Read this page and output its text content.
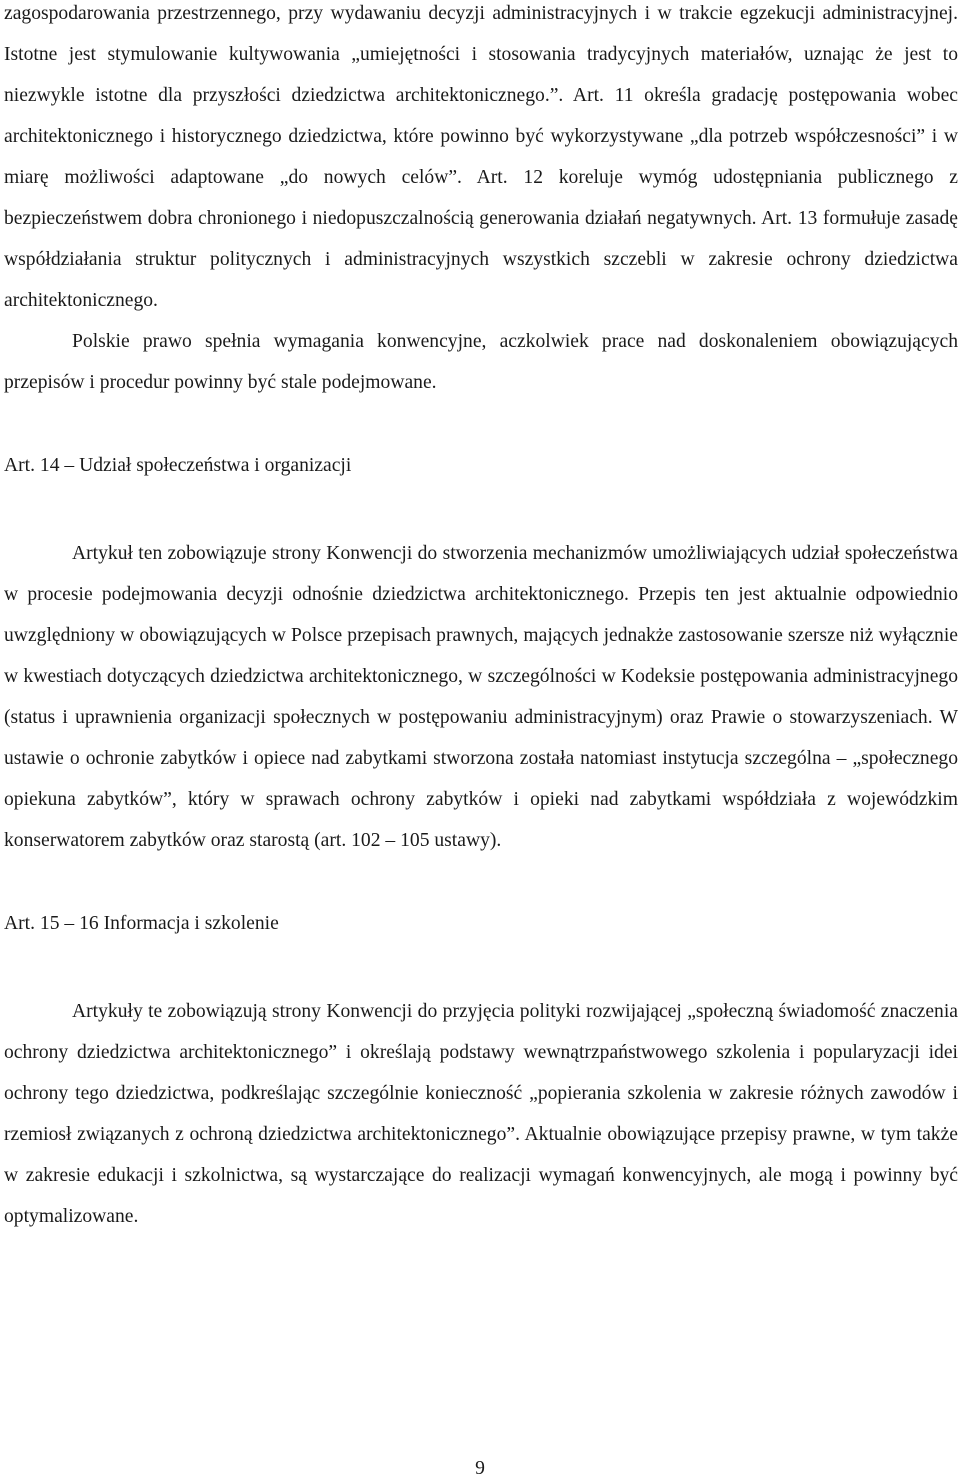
zagospodarowania przestrzennego, przy wydawaniu decyzji administracyjnych i w trakcie egzekucji administracyjnej. Istotne jest stymulowanie kultywowania „umiejętności i stosowania tradycyjnych materiałów, uznając że jest to niezwykle istotne dla przyszłości dziedzictwa architektonicznego.”. Art. 11 określa gradację postępowania wobec architektonicznego i historycznego dziedzictwa, które powinno być wykorzystywane „dla potrzeb współczesności” i w miarę możliwości adaptowane „do nowych celów”. Art. 12 koreluje wymóg udostępniania publicznego z bezpieczeństwem dobra chronionego i niedopuszczalnością generowania działań negatywnych. Art. 13 formułuje zasadę współdziałania struktur politycznych i administracyjnych wszystkich szczebli w zakresie ochrony dziedzictwa architektonicznego.

Polskie prawo spełnia wymagania konwencyjne, aczkolwiek prace nad doskonaleniem obowiązujących przepisów i procedur powinny być stale podejmowane.

Art. 14 – Udział społeczeństwa i organizacji

Artykuł ten zobowiązuje strony Konwencji do stworzenia mechanizmów umożliwiających udział społeczeństwa w procesie podejmowania decyzji odnośnie dziedzictwa architektonicznego. Przepis ten jest aktualnie odpowiednio uwzględniony w obowiązujących w Polsce przepisach prawnych, mających jednakże zastosowanie szersze niż wyłącznie w kwestiach dotyczących dziedzictwa architektonicznego, w szczególności w Kodeksie postępowania administracyjnego (status i uprawnienia organizacji społecznych w postępowaniu administracyjnym) oraz Prawie o stowarzyszeniach. W ustawie o ochronie zabytków i opiece nad zabytkami stworzona została natomiast instytucja szczególna – „społecznego opiekuna zabytków”, który w sprawach ochrony zabytków i opieki nad zabytkami współdziała z wojewódzkim konserwatorem zabytków oraz starostą (art. 102 – 105 ustawy).

Art. 15 – 16 Informacja i szkolenie

Artykuły te zobowiązują strony Konwencji do przyjęcia polityki rozwijającej „społeczną świadomość znaczenia ochrony dziedzictwa architektonicznego” i określają podstawy wewnątrzpaństwowego szkolenia i popularyzacji idei ochrony tego dziedzictwa, podkreślając szczególnie konieczność „popierania szkolenia w zakresie różnych zawodów i rzemiosł związanych z ochroną dziedzictwa architektonicznego”. Aktualnie obowiązujące przepisy prawne, w tym także w zakresie edukacji i szkolnictwa, są wystarczające do realizacji wymagań konwencyjnych, ale mogą i powinny być optymalizowane.

9
